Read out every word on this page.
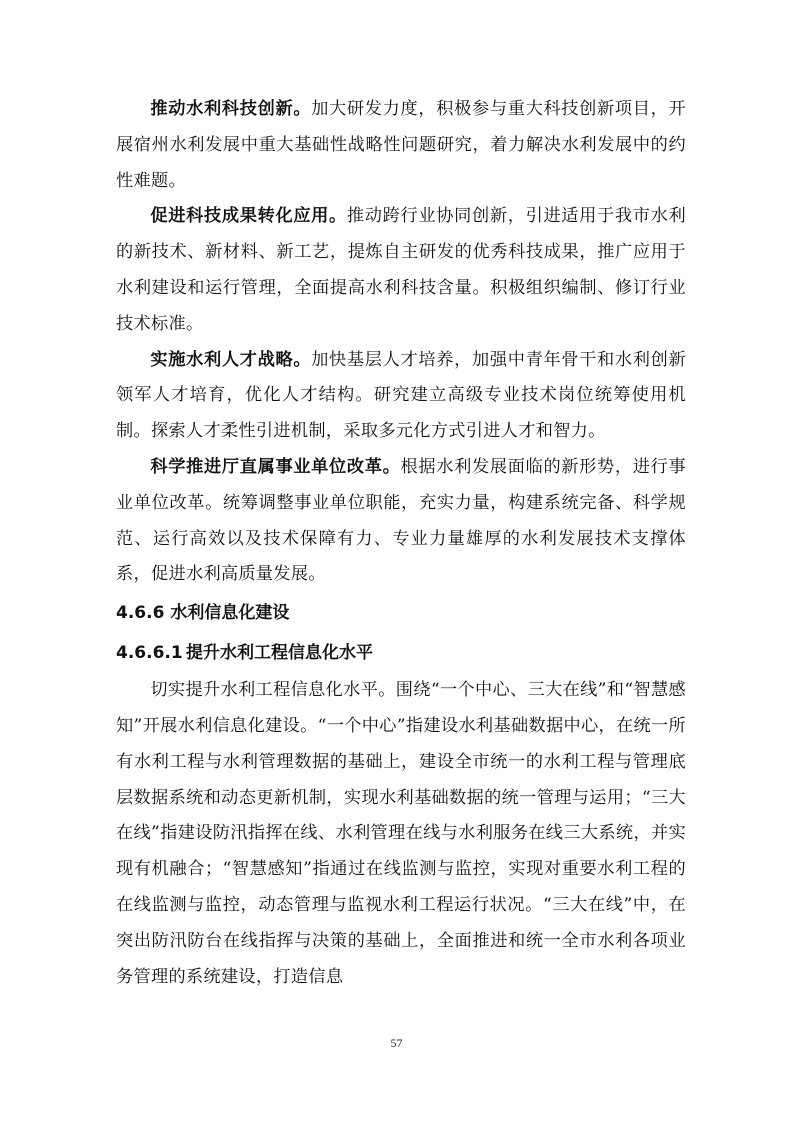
推动水利科技创新。加大研发力度，积极参与重大科技创新项目，开展宿州水利发展中重大基础性战略性问题研究，着力解决水利发展中的约性难题。

促进科技成果转化应用。推动跨行业协同创新，引进适用于我市水利的新技术、新材料、新工艺，提炼自主研发的优秀科技成果，推广应用于水利建设和运行管理，全面提高水利科技含量。积极组织编制、修订行业技术标准。

实施水利人才战略。加快基层人才培养，加强中青年骨干和水利创新领军人才培育，优化人才结构。研究建立高级专业技术岗位统筹使用机制。探索人才柔性引进机制，采取多元化方式引进人才和智力。

科学推进厅直属事业单位改革。根据水利发展面临的新形势，进行事业单位改革。统筹调整事业单位职能，充实力量，构建系统完备、科学规范、运行高效以及技术保障有力、专业力量雄厚的水利发展技术支撑体系，促进水利高质量发展。

4.6.6 水利信息化建设
4.6.6.1 提升水利工程信息化水平

切实提升水利工程信息化水平。围绕“一个中心、三大在线”和“智慧感知”开展水利信息化建设。“一个中心”指建设水利基础数据中心，在统一所有水利工程与水利管理数据的基础上，建设全市统一的水利工程与管理底层数据系统和动态更新机制，实现水利基础数据的统一管理与运用；“三大在线”指建设防汛指挥在线、水利管理在线与水利服务在线三大系统，并实现有机融合；“智慧感知”指通过在线监测与监控，实现对重要水利工程的在线监测与监控，动态管理与监视水利工程运行状况。“三大在线”中，在突出防汛防台在线指挥与决策的基础上，全面推进和统一全市水利各项业务管理的系统建设，打造信息

57
